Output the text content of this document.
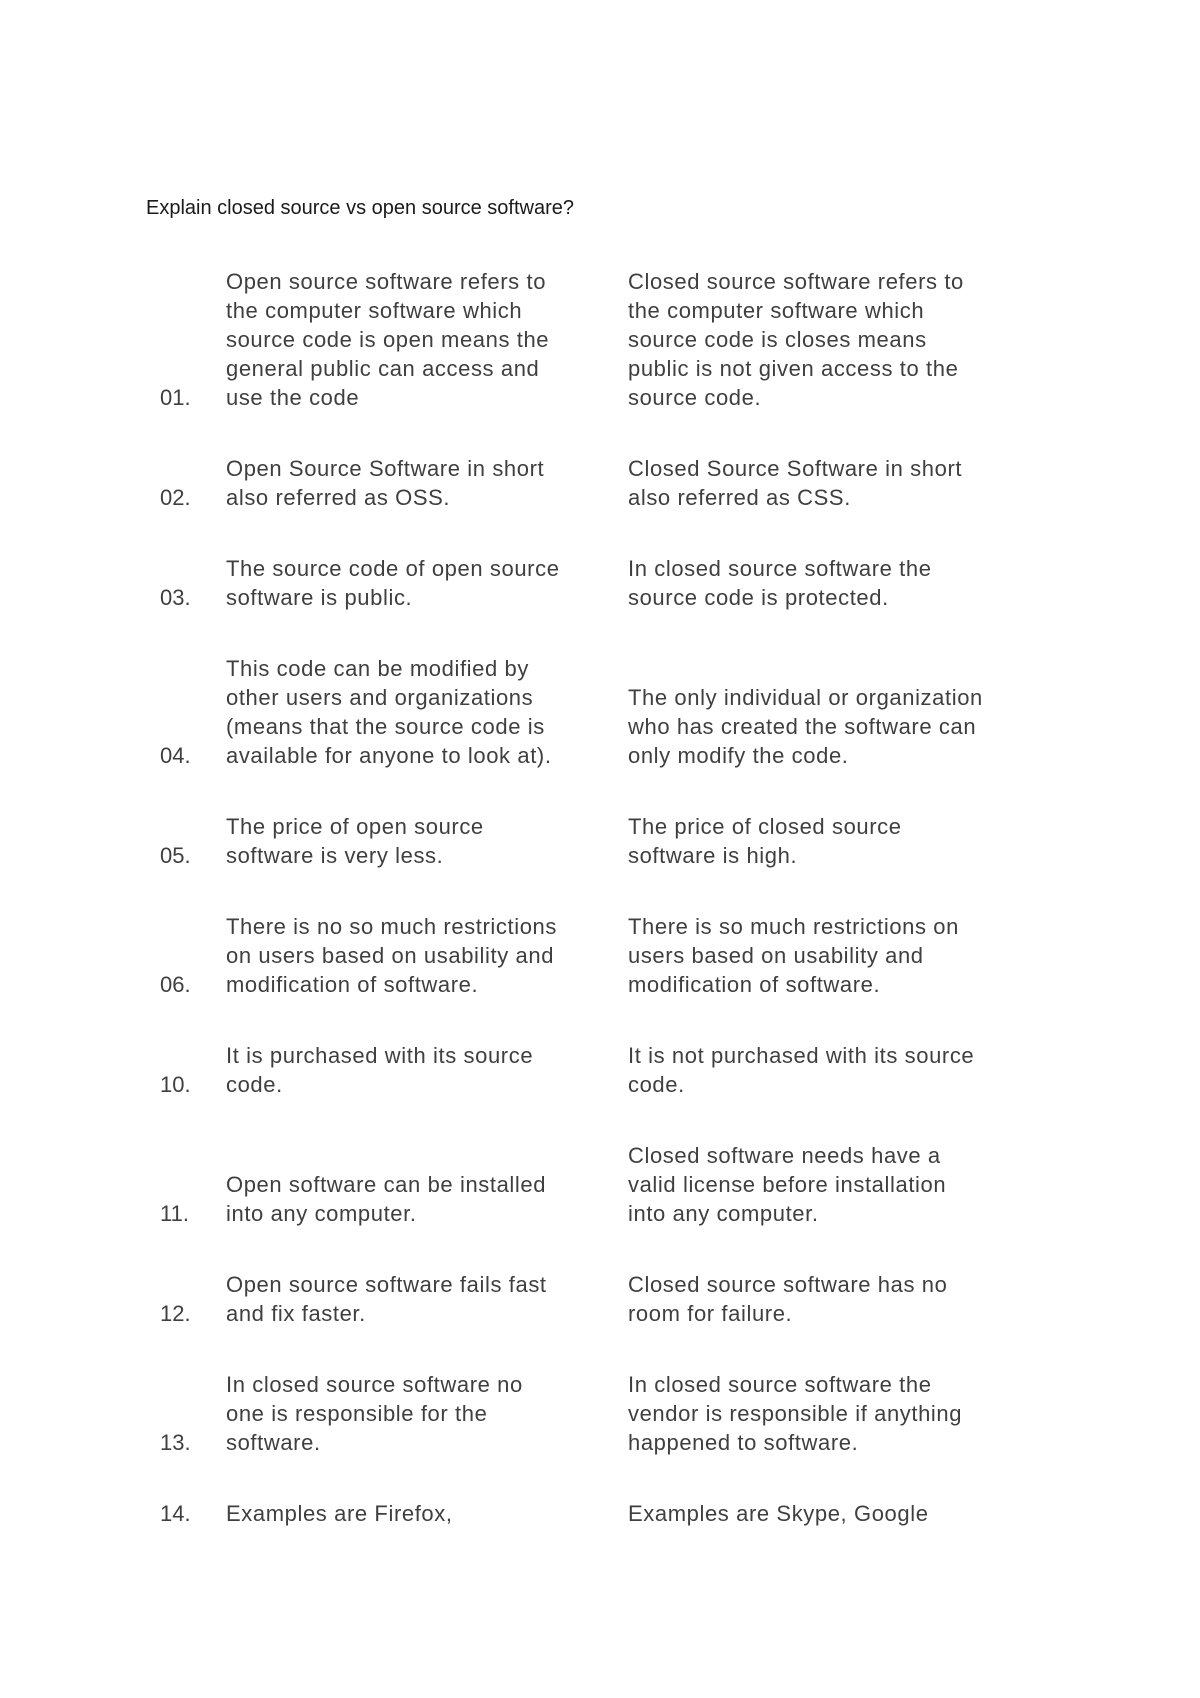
Explain closed source vs open source software?
01.
Open source software refers to
the computer software which
source code is open means the
general public can access and
use the code
Closed source software refers to
the computer software which
source code is closes means
public is not given access to the
source code.
02.
Open Source Software in short
also referred as OSS.
Closed Source Software in short
also referred as CSS.
03.
The source code of open source
software is public.
In closed source software the
source code is protected.
04.
This code can be modified by
other users and organizations
(means that the source code is
available for anyone to look at).
The only individual or organization
who has created the software can
only modify the code.
05.
The price of open source
software is very less.
The price of closed source
software is high.
06.
There is no so much restrictions
on users based on usability and
modification of software.
There is so much restrictions on
users based on usability and
modification of software.
10.
It is purchased with its source
code.
It is not purchased with its source
code.
11.
Open software can be installed
into any computer.
Closed software needs have a
valid license before installation
into any computer.
12.
Open source software fails fast
and fix faster.
Closed source software has no
room for failure.
13.
In closed source software no
one is responsible for the
software.
In closed source software the
vendor is responsible if anything
happened to software.
14.	Examples are Firefox,	Examples are Skype, Google
